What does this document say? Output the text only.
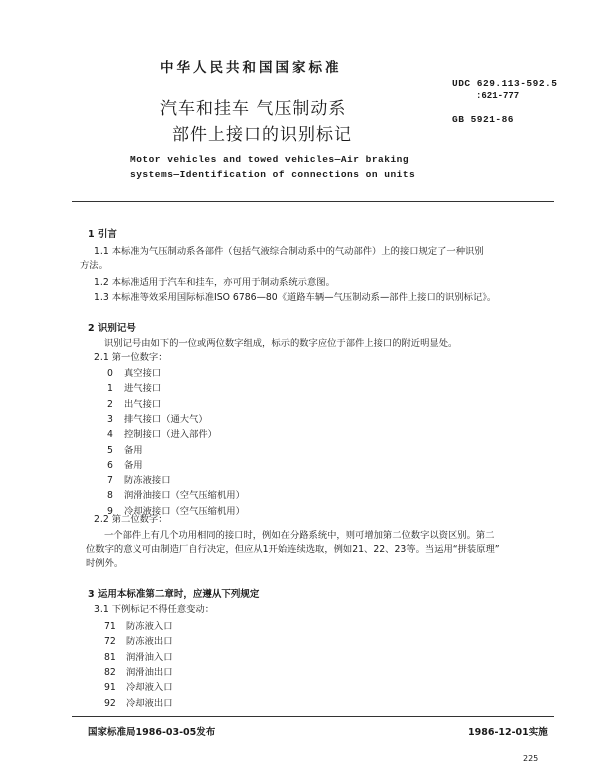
中华人民共和国国家标准
UDC 629.113-592.5
:621-777
GB 5921-86
汽车和挂车 气压制动系
部件上接口的识别标记
Motor vehicles and towed vehicles—Air braking
systems—Identification of connections on units
1 引言
1.1 本标准为气压制动系各部件（包括气液综合制动系中的气动部件）上的接口规定了一种识别
方法。
1.2 本标准适用于汽车和挂车，亦可用于制动系统示意图。
1.3 本标准等效采用国际标准ISO 6786—80《道路车辆—气压制动系—部件上接口的识别标记》。
2 识别记号
识别记号由如下的一位或两位数字组成，标示的数字应位于部件上接口的附近明显处。
2.1 第一位数字：
0 真空接口
1 进气接口
2 出气接口
3 排气接口（通大气）
4 控制接口（进入部件）
5 备用
6 备用
7 防冻液接口
8 润滑油接口（空气压缩机用）
9 冷却液接口（空气压缩机用）
2.2 第二位数字：
一个部件上有几个功用相同的接口时，例如在分路系统中，则可增加第二位数字以资区别。第二
位数字的意义可由制造厂自行决定，但应从1开始连续选取，例如21、22、23等。当运用“拼装原理”
时例外。
3 运用本标准第二章时，应遵从下列规定
3.1 下例标记不得任意变动：
71 防冻液入口
72 防冻液出口
81 润滑油入口
82 润滑油出口
91 冷却液入口
92 冷却液出口
国家标准局1986-03-05发布	1986-12-01实施
225
